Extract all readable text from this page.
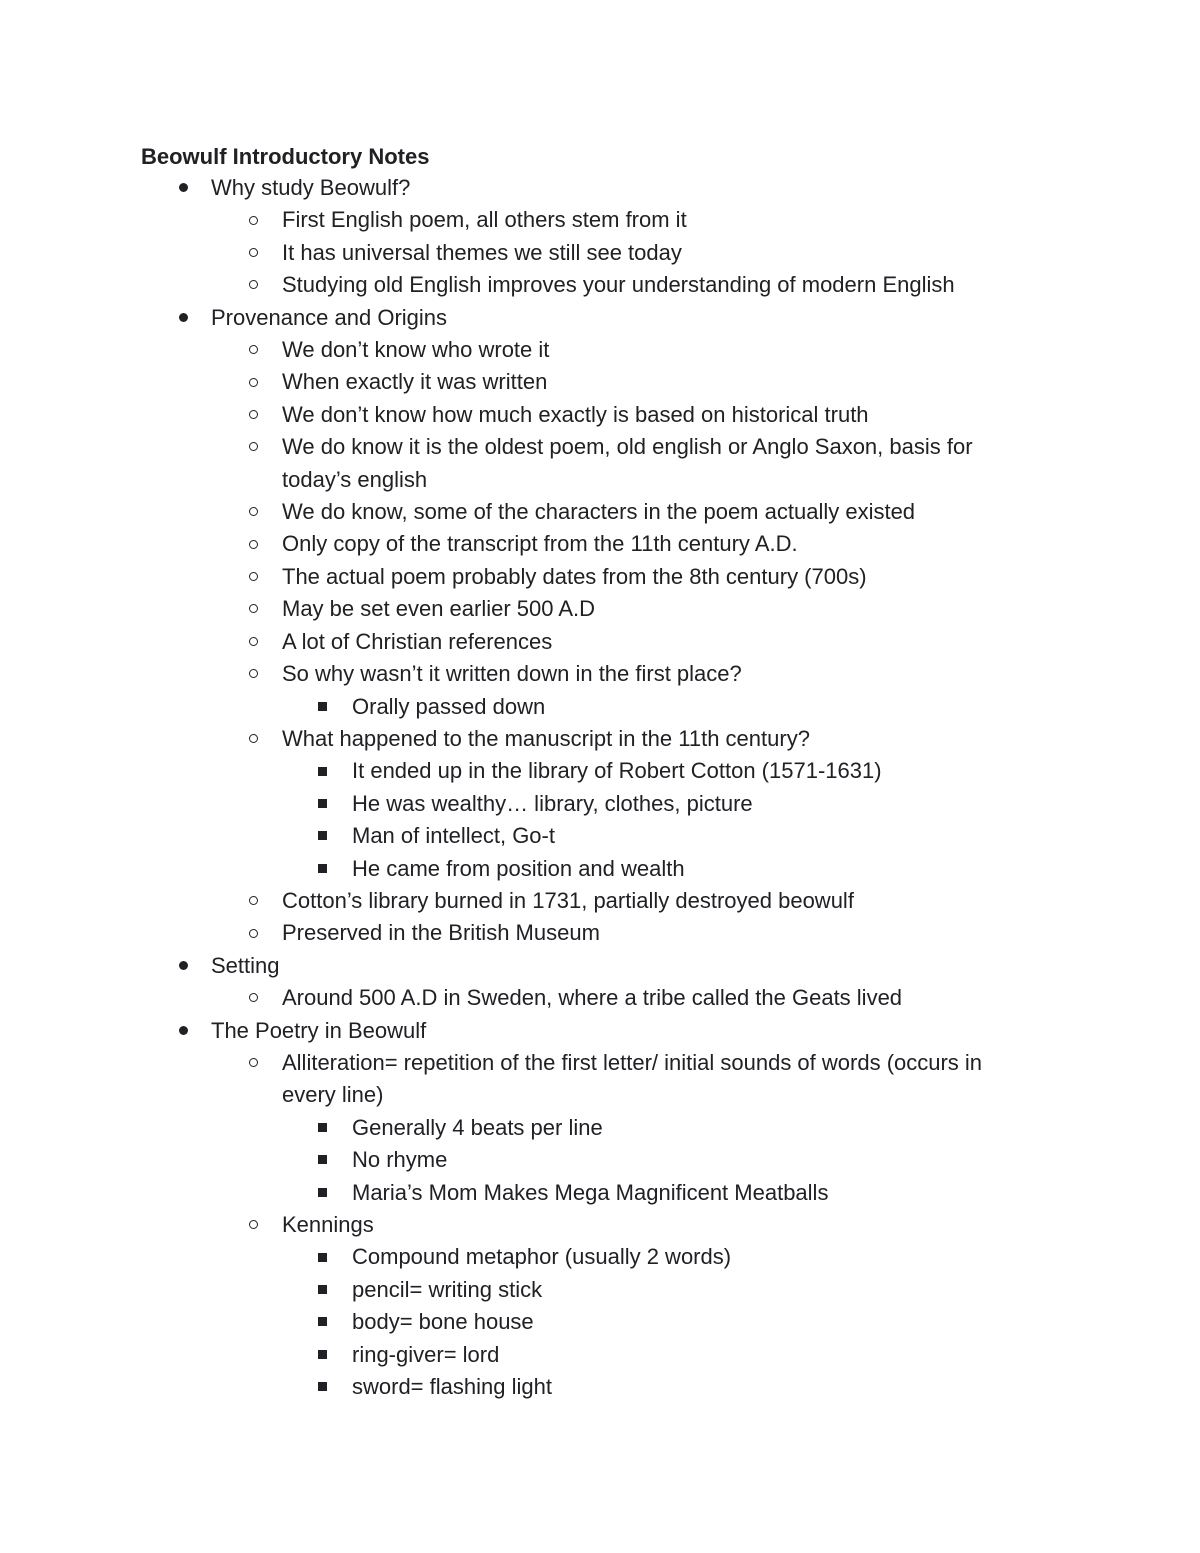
Beowulf Introductory Notes
Why study Beowulf?
First English poem, all others stem from it
It has universal themes we still see today
Studying old English improves your understanding of modern English
Provenance and Origins
We don’t know who wrote it
When exactly it was written
We don’t know how much exactly is based on historical truth
We do know it is the oldest poem, old english or Anglo Saxon, basis for today’s english
We do know, some of the characters in the poem actually existed
Only copy of the transcript from the 11th century A.D.
The actual poem probably dates from the 8th century (700s)
May be set even earlier 500 A.D
A lot of Christian references
So why wasn’t it written down in the first place?
Orally passed down
What happened to the manuscript in the 11th century?
It ended up in the library of Robert Cotton (1571-1631)
He was wealthy… library, clothes, picture
Man of intellect, Go-t
He came from position and wealth
Cotton’s library burned in 1731, partially destroyed beowulf
Preserved in the British Museum
Setting
Around 500 A.D in Sweden, where a tribe called the Geats lived
The Poetry in Beowulf
Alliteration= repetition of the first letter/ initial sounds of words (occurs in every line)
Generally 4 beats per line
No rhyme
Maria’s Mom Makes Mega Magnificent Meatballs
Kennings
Compound metaphor (usually 2 words)
pencil= writing stick
body= bone house
ring-giver= lord
sword= flashing light
